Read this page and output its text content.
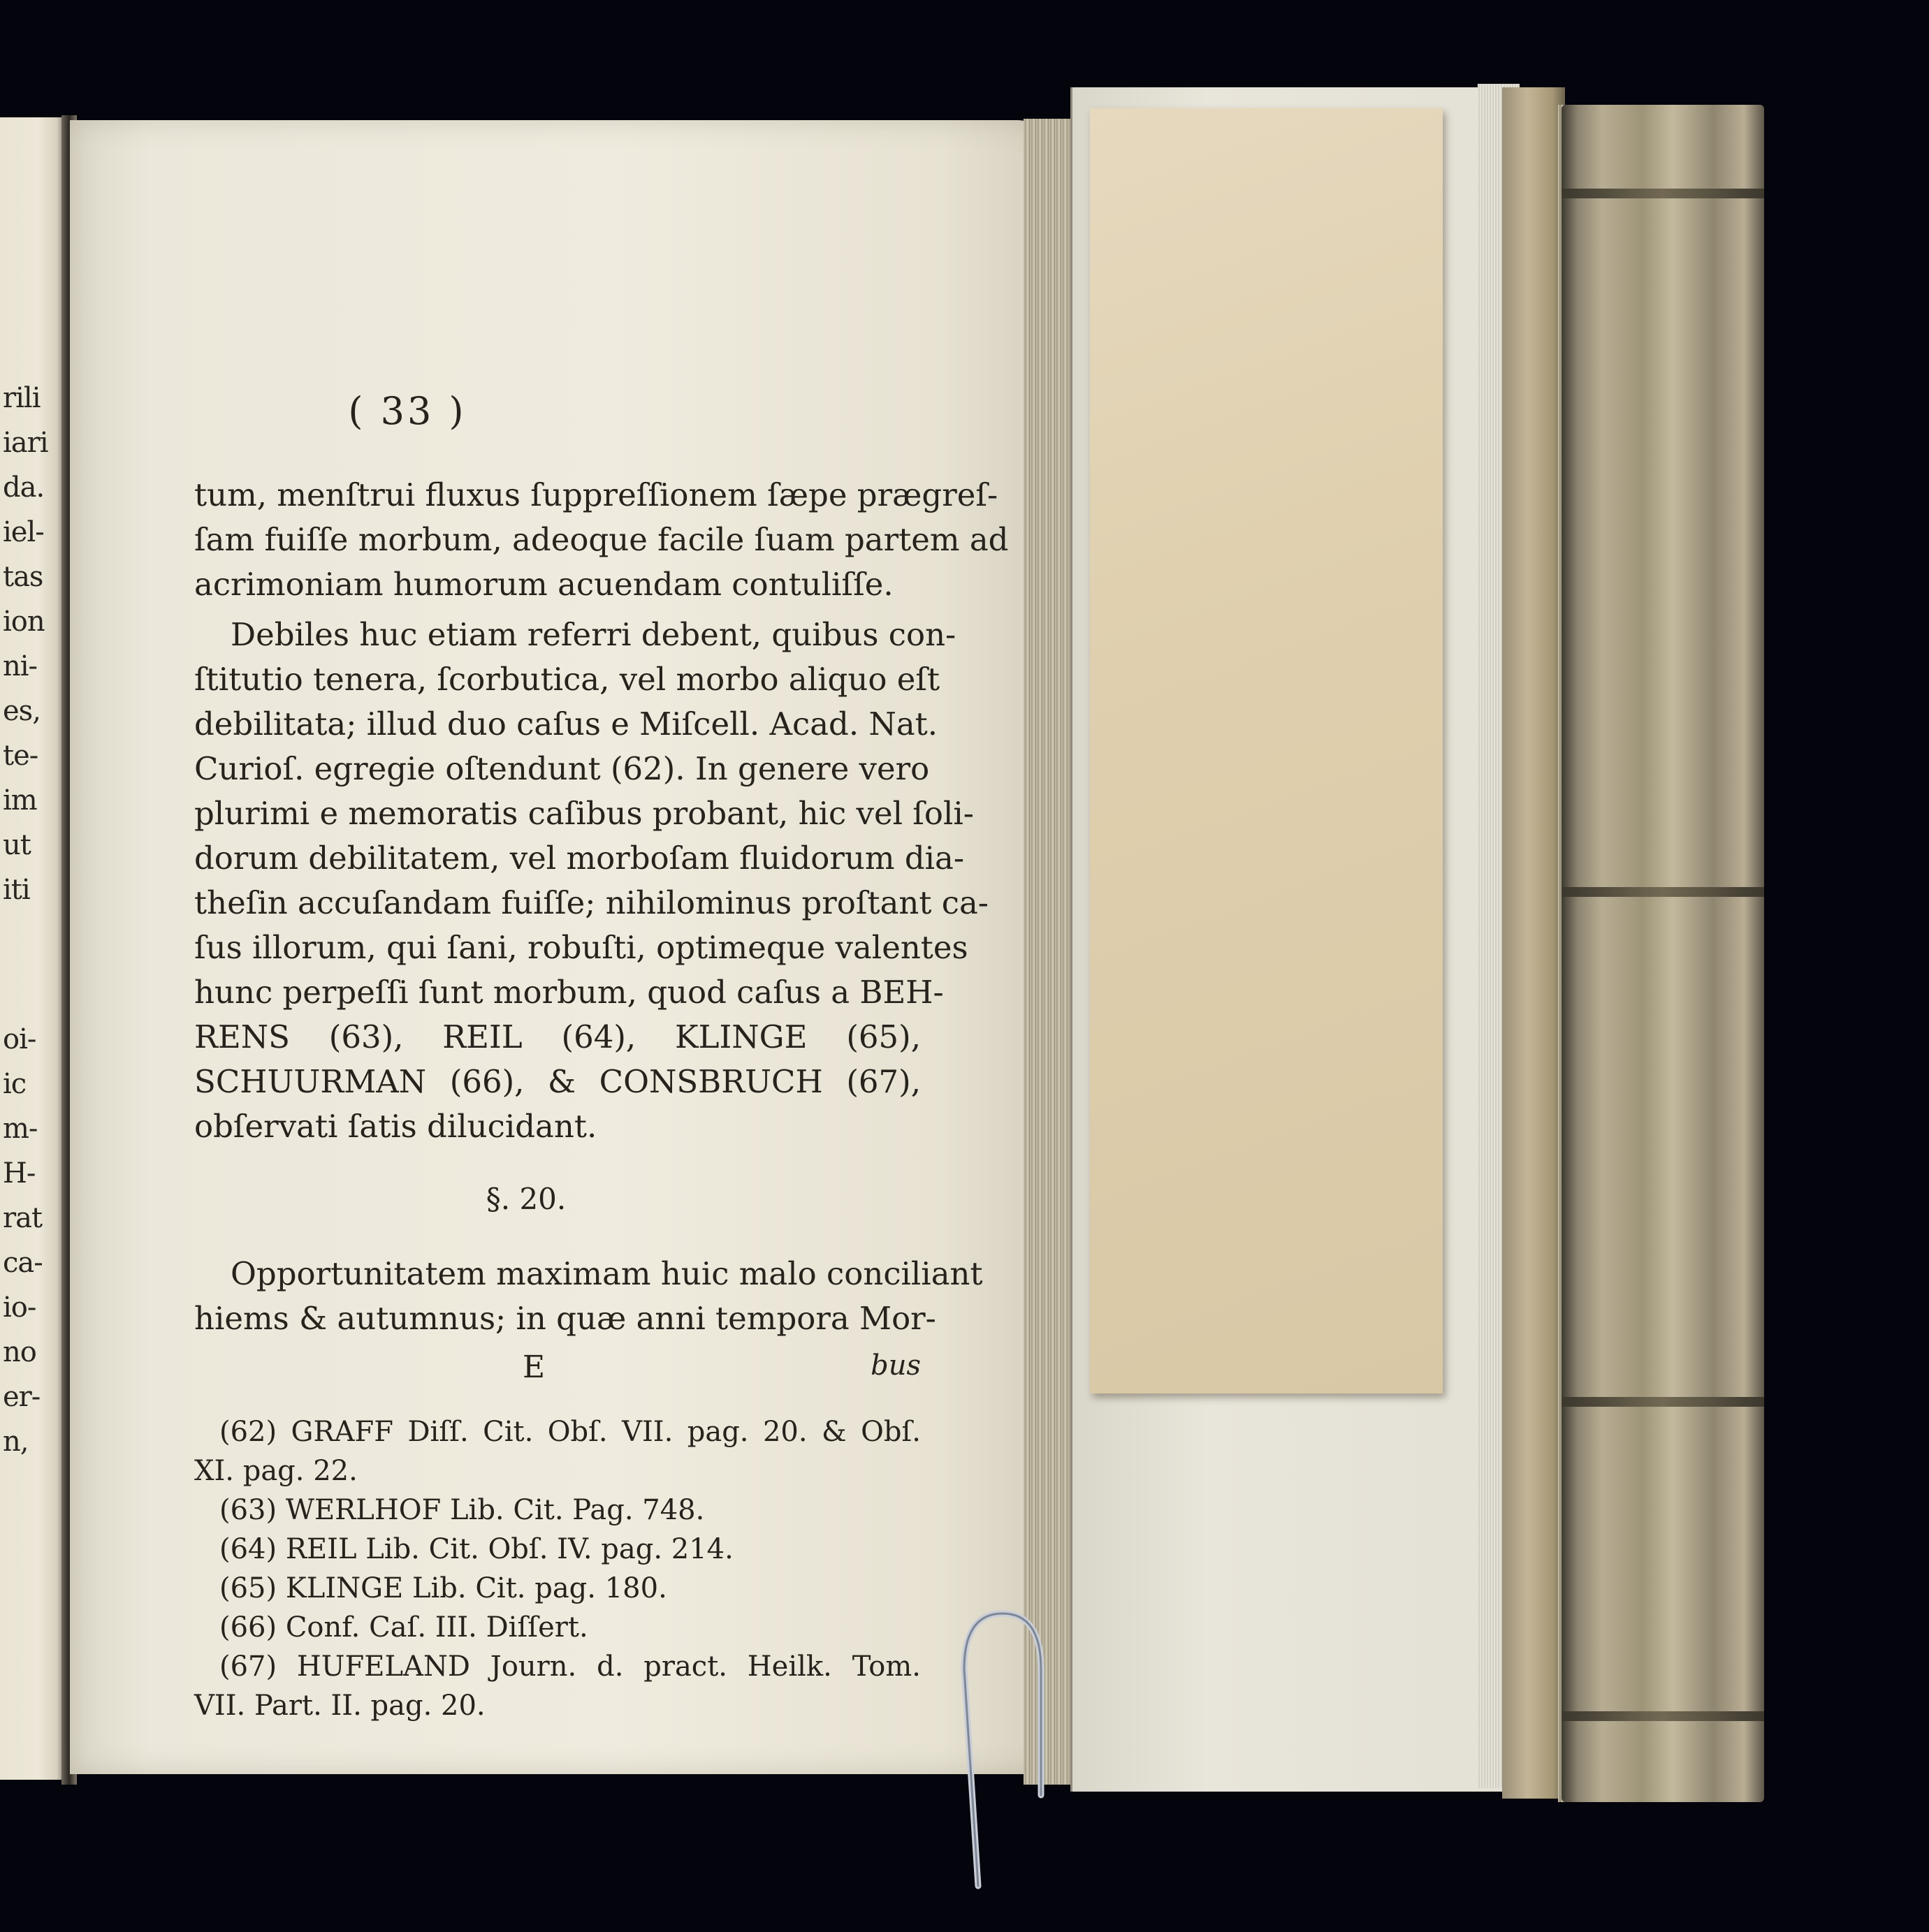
rili
iari
da.
iel-
tas
ion
ni-
es,
te-
im
ut
iti
oi-
ic
m-
H-
rat
ca-
io-
no
er-
n,
( 33 )

tum, menſtrui fluxus ſuppreſſionem ſæpe prægreſ-

ſam fuiſſe morbum, adeoque facile ſuam partem ad

acrimoniam humorum acuendam contuliſſe.

Debiles huc etiam referri debent, quibus con-

ſtitutio tenera, ſcorbutica, vel morbo aliquo eſt

debilitata; illud duo caſus e Miſcell. Acad. Nat.

Curioſ. egregie oſtendunt (62). In genere vero

plurimi e memoratis caſibus probant, hic vel ſoli-

dorum debilitatem, vel morboſam fluidorum dia-

theſin accuſandam fuiſſe; nihilominus proſtant ca-

ſus illorum, qui ſani, robuſti, optimeque valentes

hunc perpeſſi ſunt morbum, quod caſus a BEH-

RENS (63), REIL (64), KLINGE (65),

SCHUURMAN (66), & CONSBRUCH (67),

obſervati ſatis dilucidant.

§. 20.

Opportunitatem maximam huic malo conciliant

hiems & autumnus; in quæ anni tempora Mor-

E	bus

(62) GRAFF Diſſ. Cit. Obſ. VII. pag. 20. & Obſ.

XI. pag. 22.

(63) WERLHOF Lib. Cit. Pag. 748.

(64) REIL Lib. Cit. Obſ. IV. pag. 214.

(65) KLINGE Lib. Cit. pag. 180.

(66) Conf. Caſ. III. Diſſert.

(67) HUFELAND Journ. d. pract. Heilk. Tom.

VII. Part. II. pag. 20.
